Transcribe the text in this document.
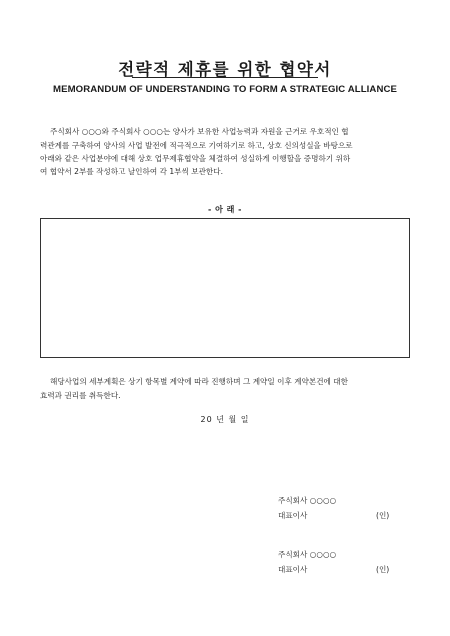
전략적 제휴를 위한 협약서
MEMORANDUM OF UNDERSTANDING TO FORM A STRATEGIC ALLIANCE
주식회사 ○○○와 주식회사 ○○○는 양사가 보유한 사업능력과 자원을 근거로 우호적인 협
력관계를 구축하여 양사의 사업 발전에 적극적으로 기여하기로 하고, 상호 신의성실을 바탕으로
아래와 같은 사업분야에 대해 상호 업무제휴협약을 체결하여 성실하게 이행할을 증명하기 위하
여 협약서 2부를 작성하고 날인하여 각 1부씩 보관한다.
- 아 래 -
해당사업의 세부계획은 상기 항목별 계약에 따라 진행하며 그 계약일 이후 계약본건에 대한
효력과 권리를 취득한다.
20 년 월 일
주식회사 ○○○○
대표이사	(인)
주식회사 ○○○○
대표이사	(인)
